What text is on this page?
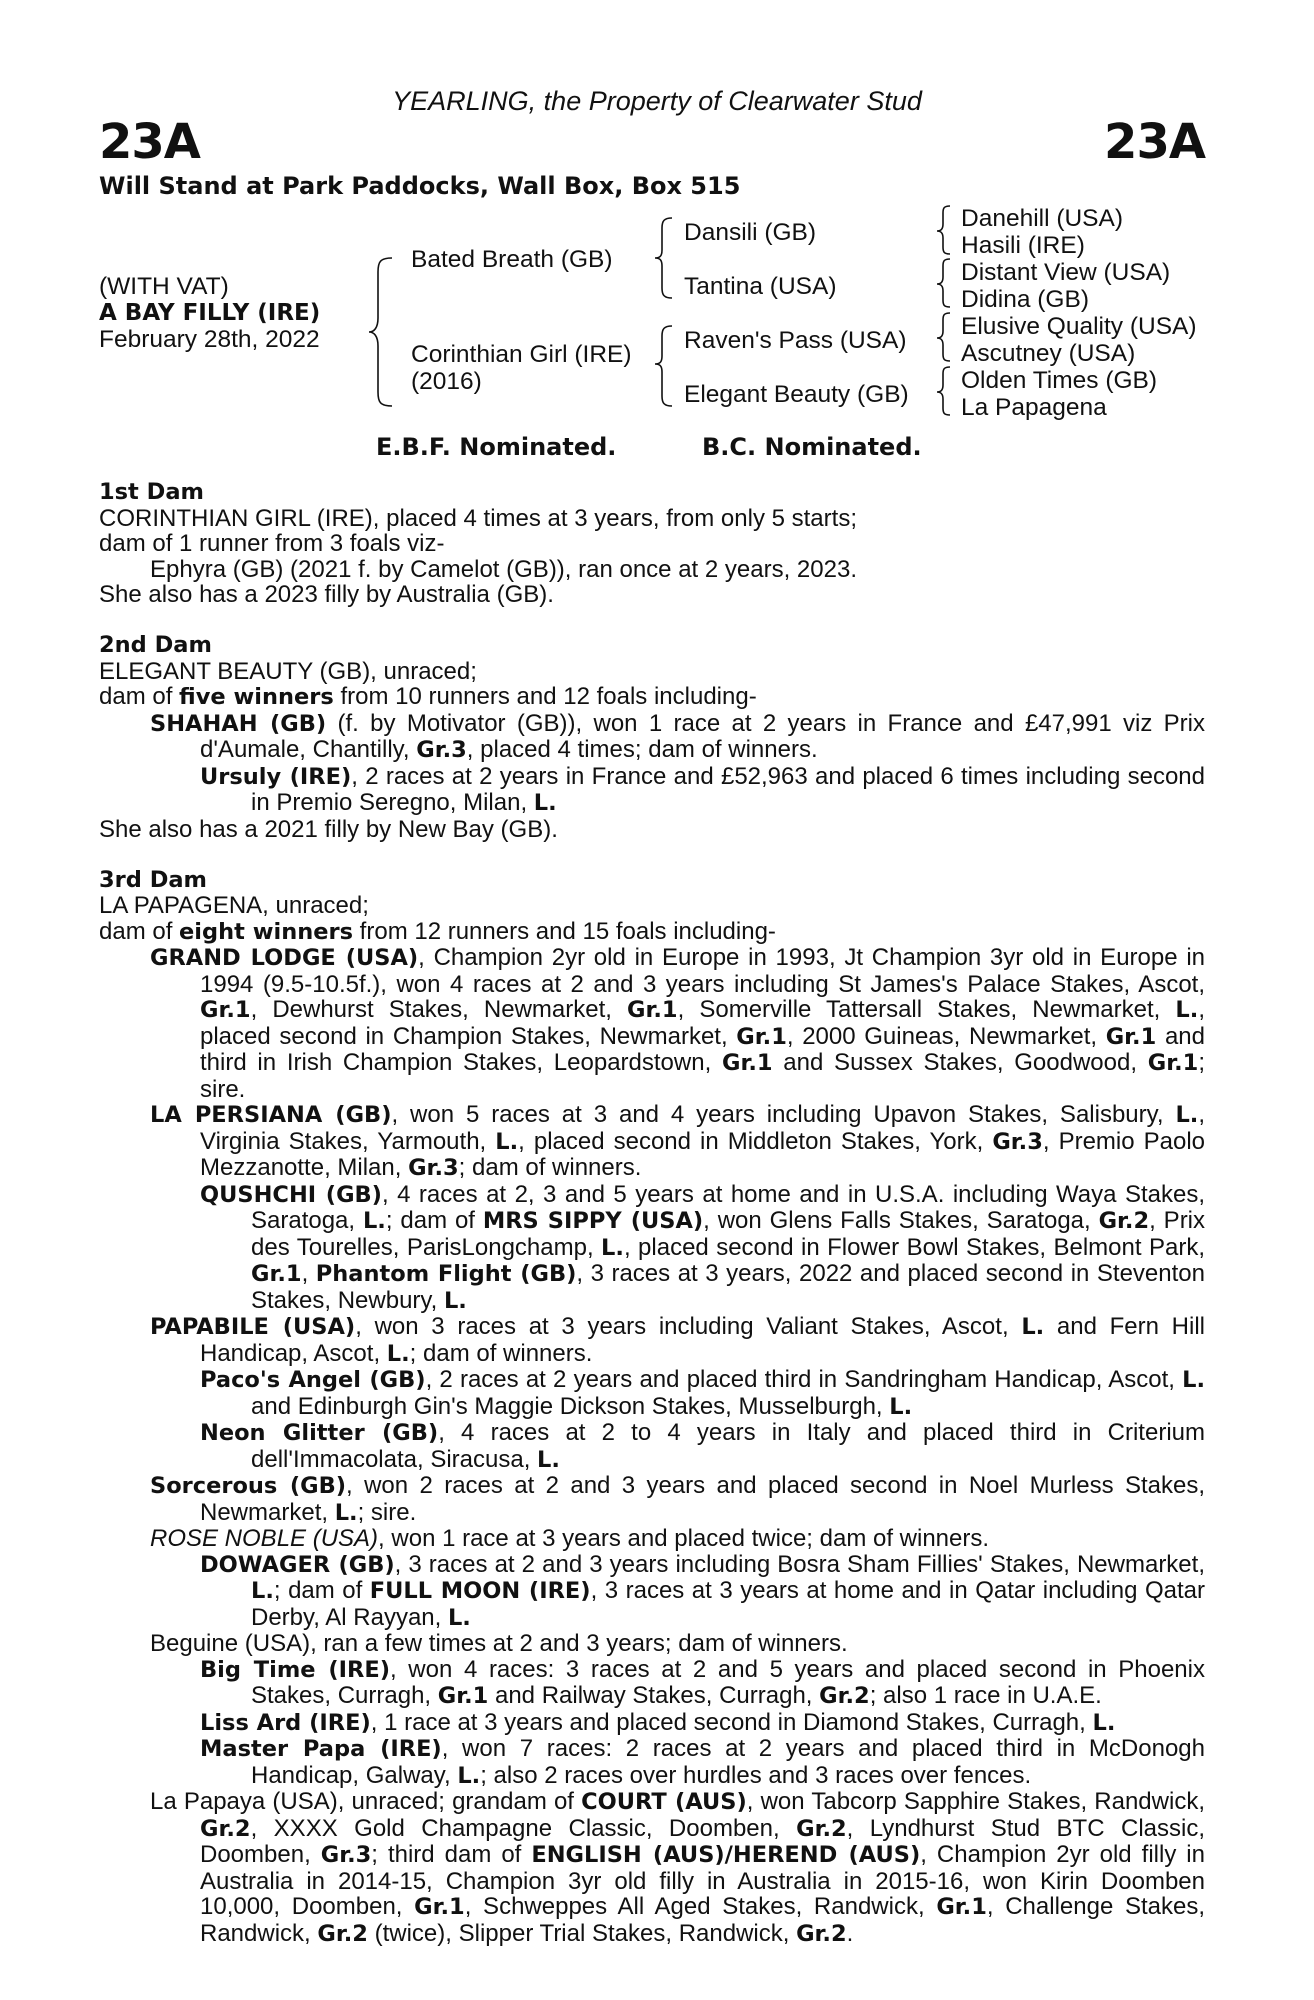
YEARLING, the Property of Clearwater Stud
23A	23A
Will Stand at Park Paddocks, Wall Box, Box 515
(WITH VAT)
A BAY FILLY (IRE)
February 28th, 2022
Bated Breath (GB)
Corinthian Girl (IRE)
(2016)
Dansili (GB)
Tantina (USA)
Raven's Pass (USA)
Elegant Beauty (GB)
Danehill (USA)
Hasili (IRE)
Distant View (USA)
Didina (GB)
Elusive Quality (USA)
Ascutney (USA)
Olden Times (GB)
La Papagena
E.B.F. Nominated.	B.C. Nominated.
1st Dam

CORINTHIAN GIRL (IRE), placed 4 times at 3 years, from only 5 starts;

dam of 1 runner from 3 foals viz-

Ephyra (GB) (2021 f. by Camelot (GB)), ran once at 2 years, 2023.

She also has a 2023 filly by Australia (GB).

2nd Dam

ELEGANT BEAUTY (GB), unraced;

dam of five winners from 10 runners and 12 foals including-

SHAHAH (GB) (f. by Motivator (GB)), won 1 race at 2 years in France and £47,991 viz Prix d'Aumale, Chantilly, Gr.3, placed 4 times; dam of winners.

Ursuly (IRE), 2 races at 2 years in France and £52,963 and placed 6 times including second in Premio Seregno, Milan, L.

She also has a 2021 filly by New Bay (GB).

3rd Dam

LA PAPAGENA, unraced;

dam of eight winners from 12 runners and 15 foals including-

GRAND LODGE (USA), Champion 2yr old in Europe in 1993, Jt Champion 3yr old in Europe in 1994 (9.5-10.5f.), won 4 races at 2 and 3 years including St James's Palace Stakes, Ascot, Gr.1, Dewhurst Stakes, Newmarket, Gr.1, Somerville Tattersall Stakes, Newmarket, L., placed second in Champion Stakes, Newmarket, Gr.1, 2000 Guineas, Newmarket, Gr.1 and third in Irish Champion Stakes, Leopardstown, Gr.1 and Sussex Stakes, Goodwood, Gr.1; sire.

LA PERSIANA (GB), won 5 races at 3 and 4 years including Upavon Stakes, Salisbury, L., Virginia Stakes, Yarmouth, L., placed second in Middleton Stakes, York, Gr.3, Premio Paolo Mezzanotte, Milan, Gr.3; dam of winners.

QUSHCHI (GB), 4 races at 2, 3 and 5 years at home and in U.S.A. including Waya Stakes, Saratoga, L.; dam of MRS SIPPY (USA), won Glens Falls Stakes, Saratoga, Gr.2, Prix des Tourelles, ParisLongchamp, L., placed second in Flower Bowl Stakes, Belmont Park, Gr.1, Phantom Flight (GB), 3 races at 3 years, 2022 and placed second in Steventon Stakes, Newbury, L.

PAPABILE (USA), won 3 races at 3 years including Valiant Stakes, Ascot, L. and Fern Hill Handicap, Ascot, L.; dam of winners.

Paco's Angel (GB), 2 races at 2 years and placed third in Sandringham Handicap, Ascot, L. and Edinburgh Gin's Maggie Dickson Stakes, Musselburgh, L.

Neon Glitter (GB), 4 races at 2 to 4 years in Italy and placed third in Criterium dell'Immacolata, Siracusa, L.

Sorcerous (GB), won 2 races at 2 and 3 years and placed second in Noel Murless Stakes, Newmarket, L.; sire.

ROSE NOBLE (USA), won 1 race at 3 years and placed twice; dam of winners.

DOWAGER (GB), 3 races at 2 and 3 years including Bosra Sham Fillies' Stakes, Newmarket, L.; dam of FULL MOON (IRE), 3 races at 3 years at home and in Qatar including Qatar Derby, Al Rayyan, L.

Beguine (USA), ran a few times at 2 and 3 years; dam of winners.

Big Time (IRE), won 4 races: 3 races at 2 and 5 years and placed second in Phoenix Stakes, Curragh, Gr.1 and Railway Stakes, Curragh, Gr.2; also 1 race in U.A.E.

Liss Ard (IRE), 1 race at 3 years and placed second in Diamond Stakes, Curragh, L.

Master Papa (IRE), won 7 races: 2 races at 2 years and placed third in McDonogh Handicap, Galway, L.; also 2 races over hurdles and 3 races over fences.

La Papaya (USA), unraced; grandam of COURT (AUS), won Tabcorp Sapphire Stakes, Randwick, Gr.2, XXXX Gold Champagne Classic, Doomben, Gr.2, Lyndhurst Stud BTC Classic, Doomben, Gr.3; third dam of ENGLISH (AUS)/HEREND (AUS), Champion 2yr old filly in Australia in 2014-15, Champion 3yr old filly in Australia in 2015-16, won Kirin Doomben 10,000, Doomben, Gr.1, Schweppes All Aged Stakes, Randwick, Gr.1, Challenge Stakes, Randwick, Gr.2 (twice), Slipper Trial Stakes, Randwick, Gr.2.
